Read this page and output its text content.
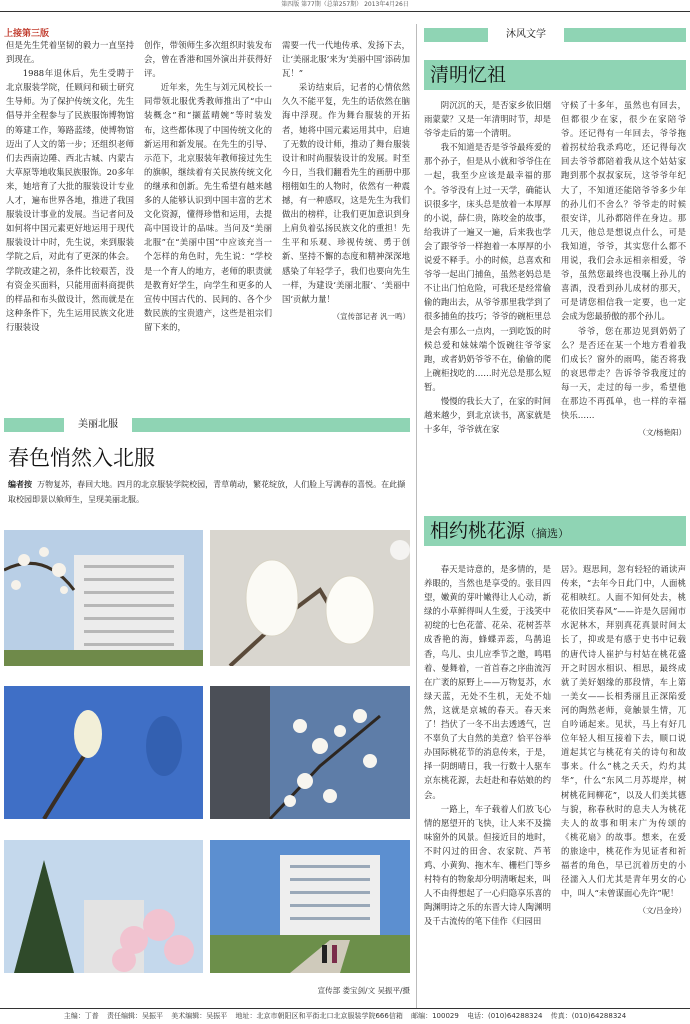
第四版 第77期（总第257期） 2013年4月26日
上接第三版

但是先生凭着坚韧的毅力一直坚持到现在。

1988年退休后，先生受聘于北京服装学院，任顾问和硕士研究生导师。为了保护传统文化，先生倡导并全程参与了民族服饰博物馆的筹建工作，筹路蓝缕，使博物馆迈出了人文的第一步；还组织老师们去西南边陲、西北古城、内蒙古大草原等地收集民族服饰。20多年来，她培育了大批的服装设计专业人才，遍布世界各地，推进了我国服装设计事业的发展。当记者问及如何将中国元素更好地运用于现代服装设计中时，先生说，来到服装学院之后，对此有了更深的体会。学院改建之初，条件比较艰苦，没有资金买面料，只能用面料商提供的样品和布头做设计，然而就是在这种条件下，先生运用民族文化进行服装设

创作，带领师生多次组织时装发布会，曾在香港和国外演出并获得好评。

近年来，先生与刘元风校长一同带领北服优秀教师推出了“中山装概念”和“撷蓝晴婉”等时装发布，这些都体现了中国传统文化的新运用和新发展。在先生的引导、示范下，北京服装年教师接过先生的旗帜，继续着有关民族传统文化的继承和创新。先生希望有越来越多的人能够认识到中国丰富的艺术文化资源，懂得珍惜和运用，去提高中国设计的品味。当问及“美丽北服”在“美丽中国”中应该充当一个怎样的角色时，先生说：“学校是一个育人的地方，老师的职责就是教育好学生，向学生和更多的人宣传中国古代的、民间的、各个少数民族的宝贵遗产，这些是祖宗们留下来的，

需要一代一代地传承、发扬下去，让‘美丽北服’来为‘美丽中国’添砖加瓦！”

采访结束后，记者的心情依然久久不能平复，先生的话依然在脑海中浮现。作为舞台服装的开拓者，她将中国元素运用其中，启迪了无数的设计师，推动了舞台服装设计和时尚服装设计的发展。时至今日，当我们翻看先生的画册中那栩栩如生的人物时，依然有一种震撼，有一种感叹，这是先生为我们做出的榜样，让我们更加意识到身上肩负着弘扬民族文化的重担！先生平和乐观、珍视传统、勇于创新、坚持不懈的态度和精神深深地感染了年轻学子，我们也要向先生一样，为建设‘美丽北服’、‘美丽中国’贡献力量！

（宣传部记者 汎一鸣）

美丽北服
春色悄然入北服
编者按 万物复苏，春回大地。四月的北京服装学院校园，青草萌动，繁花绽放，人们脸上写满春的喜悦。在此撷取校园即景以飨师生，呈现美丽北服。
宣传部 娄宝剑/文 吴振平/摄
沐风文学
清明忆祖

阴沉沉的天，是否家乡依旧烟雨蒙蒙？又是一年清明时节，却是爷爷走后的第一个清明。

我不知道是否是爷爷最疼爱的那个孙子，但是从小就和爷爷住在一起，我至少应该是最幸福的那个。爷爷没有上过一天学，确能认识很多字，床头总是放着一本厚厚的小说，薛仁贵，陈咬金的故事，给我讲了一遍又一遍，后来我也学会了跟爷爷一样抱着一本厚厚的小说爱不释手。小的时候，总喜欢和爷爷一起出门捕鱼，虽然老妈总是不让出门怕危险，可我还是经常偷偷的跑出去，从爷爷那里我学到了很多捕鱼的技巧；爷爷的碗柜里总是会有那么一点肉，一到吃饭的时候总爱和妹妹端个饭碗往爷爷家跑，或者奶奶爷爷不在，偷偷的爬上碗柜找吃的……时光总是那么短暂。

慢慢的我长大了，在家的时间越来越少，到北京读书，离家就是十多年，爷爷就在家

守候了十多年，虽然也有回去，但都很少在家，很少在家陪爷爷。还记得有一年回去，爷爷拖着拐杖给我杀鸡吃，还记得每次回去爷爷都陪着我从这个姑姑家跑到那个叔叔家玩，这爷爷年纪大了，不知道还能陪爷爷多少年的孙儿们不舍么？爷爷走的时候很安详，儿孙都陪伴在身边。那几天，他总是想说点什么，可是我知道，爷爷，其实您什么都不用说，我们会永远相亲相爱，爷爷，虽然您最终也没嘱上孙儿的喜酒，没看到孙儿成材的那天，可是请您相信我一定要，也一定会成为您最骄傲的那个孙儿。

爷爷，您在那边见到奶奶了么？是否还在某一个地方看着我们成长？窗外的雨鸣，能否将我的哀思带走？告诉爷爷我度过的每一天，走过的每一步，希望他在那边不再孤单，也一样的幸福快乐……

（文/杨艳阳）

相约桃花源（摘选）

春天是诗意的，是多情的，是养眼的，当然也是享受的。张目四望，嫩黄的芽叶嫩得让人心动，新绿的小草鲜得叫人生爱，于浅笑中初绽的七色花蕾、花朵、花树荟萃成香艳的海，蜂蝶弄蕊，鸟鹊追香，鸟儿、虫儿应季节之邀，鸣唱着、曼舞着，一首首春之序曲流泻在广袤的原野上——万物复苏，水绿天蓝，无处不生机，无处不灿然，这就是京城的春天。春天来了！挡伏了一冬不出去透透气，岂不辜负了大自然的美意？恰平谷举办国际桃花节的消息传来，于是，择一阴朗晴日，我一行数十人驱车京东桃花源，去赶赴和春姑娘的约会。

一路上，车子载着人们放飞心情的愿望开的飞快，让人来不及揣味窗外的风景。但接近目的地时，不时闪过的田舍、农家院、芦苇鸡、小黄狗、拖木车、栅栏门等乡村特有的物象却分明清晰起来，叫人不由得想起了一心归隐享乐喜的陶渊明诗之乐的东晋大诗人陶渊明及千古流传的笔下佳作《归园田

居》。遐思间，忽有轻轻的诵读声传来，“去年今日此门中，人面桃花相映红。人面不知何处去，桃花依旧笑春风”——许是久居闹市水泥林木，拜别真花真景时间太长了，抑或是有感于史书中记载的唐代诗人崔护与村姑在桃花盛开之时因水相识、相思，最终成就了美好姻缘的那段情，车上第一美女——长相秀丽且正深陷爱河的陶然老师，竟触景生情，兀自吟诵起来。见状，马上有好几位年轻人相互接着下去，顺口说道起其它与桃花有关的诗句和故事来。什么“桃之夭夭，灼灼其华”，什么“东风二月苏堤岸，树树桃花间柳花”，以及人们美其德与貌，称春秋时的息夫人为桃花夫人的故事和明末广为传颂的《桃花扇》的故事。想来，在爱的旅途中，桃花作为见证者和祈福者的角色，早已沉着历史的小径濡入人们尤其是青年男女的心中，叫人“未曾谋面心先许”呢！

（文/吕金玲）

主编：丁普 责任编辑：吴振平 美术编辑：吴振平 地址：北京市朝阳区和平街北口北京服装学院666信箱 邮编：100029 电话：(010)64288324 传真：(010)64288324
